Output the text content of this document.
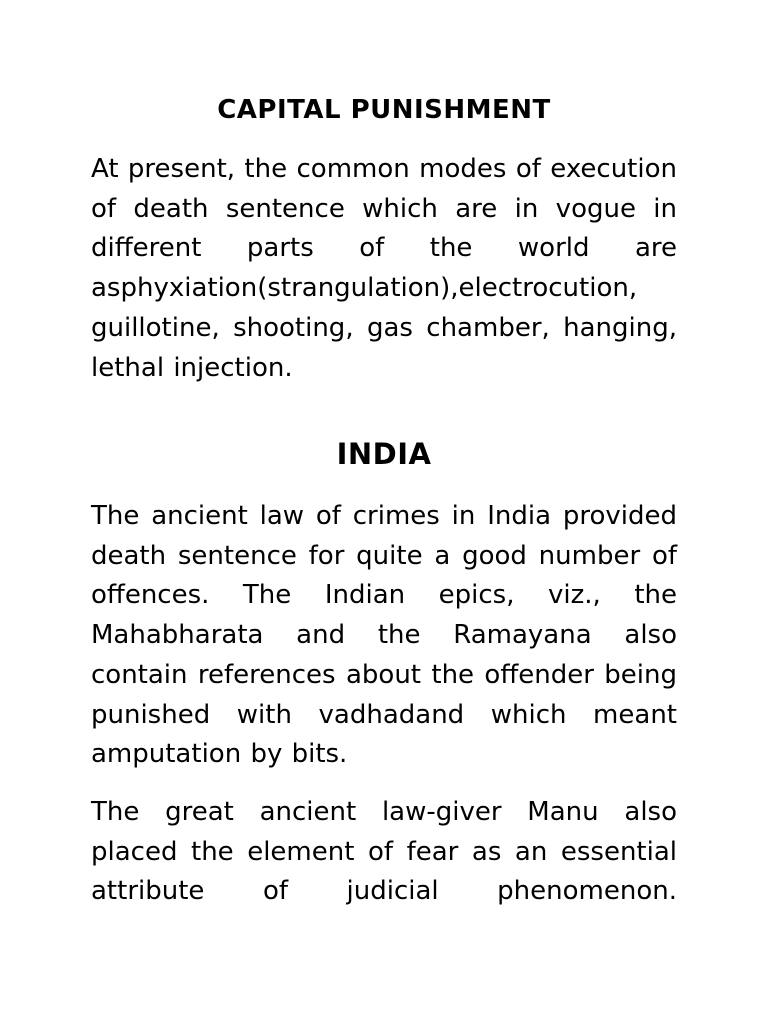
CAPITAL PUNISHMENT

At present, the common modes of execution of death sentence which are in vogue in different parts of the world are asphyxiation(strangulation),electrocution, guillotine, shooting, gas chamber, hanging, lethal injection.

INDIA

The ancient law of crimes in India provided death sentence for quite a good number of offences. The Indian epics, viz., the Mahabharata and the Ramayana also contain references about the offender being punished with vadhadand which meant amputation by bits.

The great ancient law-giver Manu also placed the element of fear as an essential attribute of judicial phenomenon.
